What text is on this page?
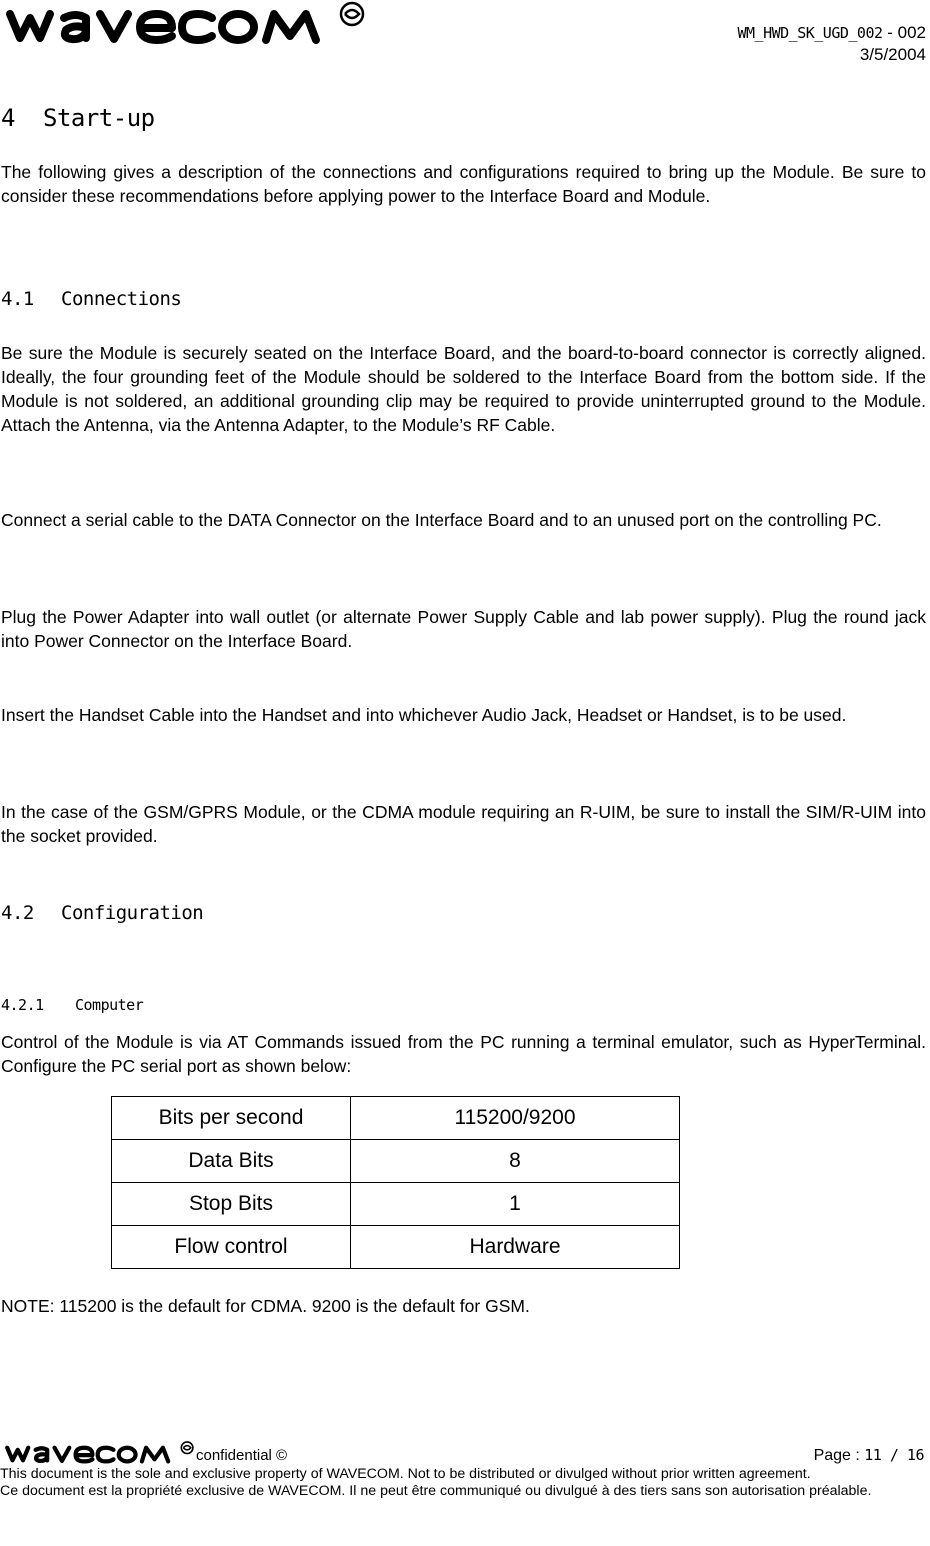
WM_HWD_SK_UGD_002 - 002
3/5/2004
4 Start-up

The following gives a description of the connections and configurations required to bring up the Module. Be sure to consider these recommendations before applying power to the Interface Board and Module.

4.1 Connections

Be sure the Module is securely seated on the Interface Board, and the board-to-board connector is correctly aligned. Ideally, the four grounding feet of the Module should be soldered to the Interface Board from the bottom side. If the Module is not soldered, an additional grounding clip may be required to provide uninterrupted ground to the Module. Attach the Antenna, via the Antenna Adapter, to the Module’s RF Cable.

Connect a serial cable to the DATA Connector on the Interface Board and to an unused port on the controlling PC.

Plug the Power Adapter into wall outlet (or alternate Power Supply Cable and lab power supply). Plug the round jack into Power Connector on the Interface Board.

Insert the Handset Cable into the Handset and into whichever Audio Jack, Headset or Handset, is to be used.

In the case of the GSM/GPRS Module, or the CDMA module requiring an R-UIM, be sure to install the SIM/R-UIM into the socket provided.

4.2 Configuration
4.2.1 Computer

Control of the Module is via AT Commands issued from the PC running a terminal emulator, such as HyperTerminal. Configure the PC serial port as shown below:

Bits per second	115200/9200
Data Bits	8
Stop Bits	1
Flow control	Hardware

NOTE: 115200 is the default for CDMA. 9200 is the default for GSM.

confidential ©	Page : 11 / 16
This document is the sole and exclusive property of WAVECOM. Not to be distributed or divulged without prior written agreement.
Ce document est la propriété exclusive de WAVECOM. Il ne peut être communiqué ou divulgué à des tiers sans son autorisation préalable.
